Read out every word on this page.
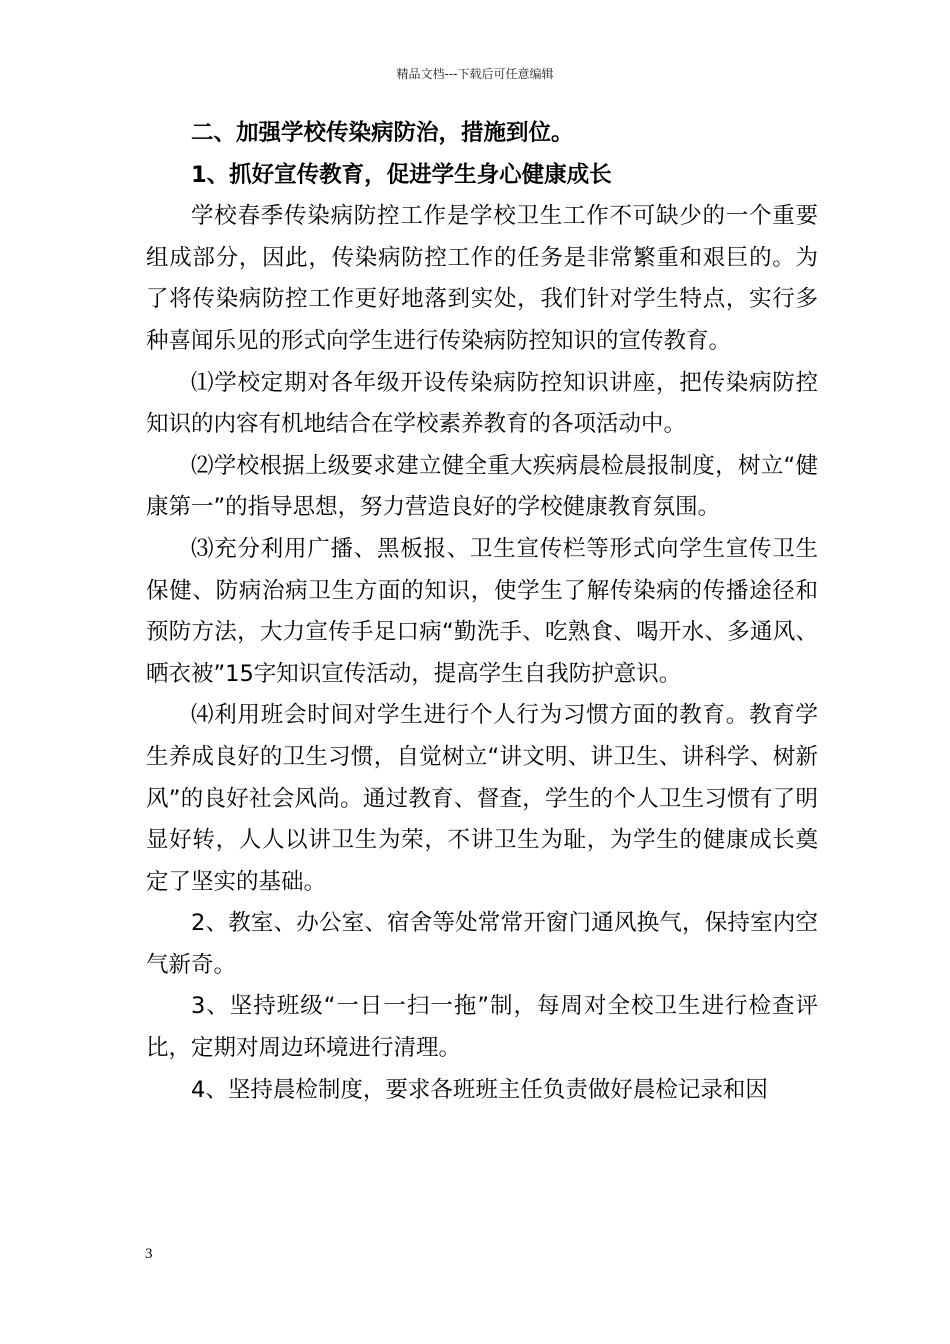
精品文档---下载后可任意编辑

二、加强学校传染病防治，措施到位。

1、抓好宣传教育，促进学生身心健康成长

学校春季传染病防控工作是学校卫生工作不可缺少的一个重要组成部分，因此，传染病防控工作的任务是非常繁重和艰巨的。为了将传染病防控工作更好地落到实处，我们针对学生特点，实行多种喜闻乐见的形式向学生进行传染病防控知识的宣传教育。

⑴学校定期对各年级开设传染病防控知识讲座，把传染病防控知识的内容有机地结合在学校素养教育的各项活动中。

⑵学校根据上级要求建立健全重大疾病晨检晨报制度，树立“健康第一”的指导思想，努力营造良好的学校健康教育氛围。

⑶充分利用广播、黑板报、卫生宣传栏等形式向学生宣传卫生保健、防病治病卫生方面的知识，使学生了解传染病的传播途径和预防方法，大力宣传手足口病“勤洗手、吃熟食、喝开水、多通风、晒衣被”15字知识宣传活动，提高学生自我防护意识。

⑷利用班会时间对学生进行个人行为习惯方面的教育。教育学生养成良好的卫生习惯，自觉树立“讲文明、讲卫生、讲科学、树新风”的良好社会风尚。通过教育、督查，学生的个人卫生习惯有了明显好转，人人以讲卫生为荣，不讲卫生为耻，为学生的健康成长奠定了坚实的基础。

2、教室、办公室、宿舍等处常常开窗门通风换气，保持室内空气新奇。

3、坚持班级“一日一扫一拖”制，每周对全校卫生进行检查评比，定期对周边环境进行清理。

4、坚持晨检制度，要求各班班主任负责做好晨检记录和因

3
